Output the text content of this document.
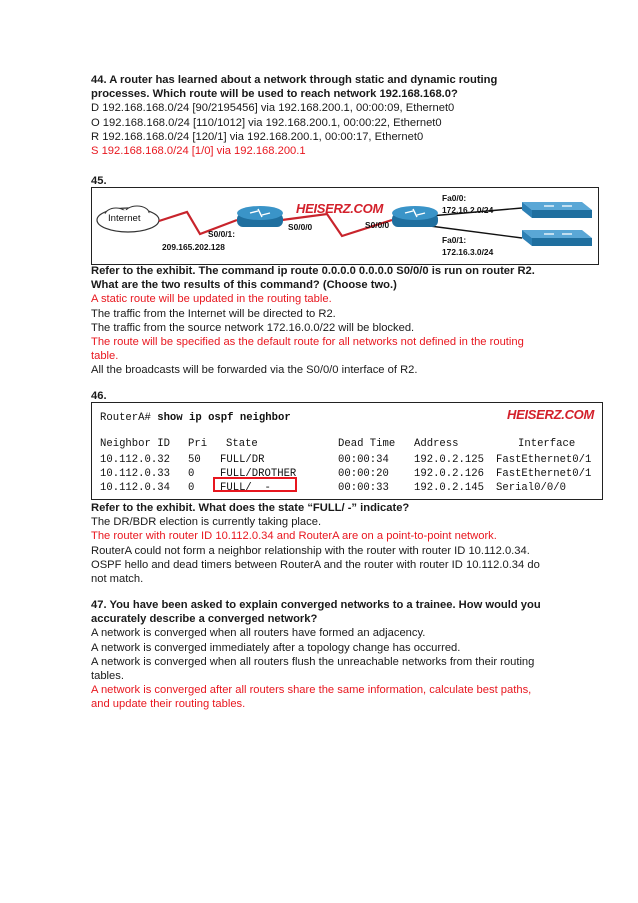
44. A router has learned about a network through static and dynamic routing

processes. Which route will be used to reach network 192.168.168.0?

D 192.168.168.0/24 [90/2195456] via 192.168.200.1, 00:00:09, Ethernet0

O 192.168.168.0/24 [110/1012] via 192.168.200.1, 00:00:22, Ethernet0

R 192.168.168.0/24 [120/1] via 192.168.200.1, 00:00:17, Ethernet0

S 192.168.168.0/24 [1/0] via 192.168.200.1

45.
Internet
HEISERZ.COM
R1	R2
S0/0/1:
209.165.202.128
S0/0/0	S0/0/0
Fa0/0:
172.16.2.0/24
Fa0/1:
172.16.3.0/24

Refer to the exhibit. The command ip route 0.0.0.0 0.0.0.0 S0/0/0 is run on router R2.

What are the two results of this command? (Choose two.)

A static route will be updated in the routing table.

The traffic from the Internet will be directed to R2.

The traffic from the source network 172.16.0.0/22 will be blocked.

The route will be specified as the default route for all networks not defined in the routing

table.

All the broadcasts will be forwarded via the S0/0/0 interface of R2.

46.
RouterA# show ip ospf neighbor	HEISERZ.COM
Neighbor ID Pri State	Dead Time Address	Interface
10.112.0.32 50 FULL/DR	00:00:34 192.0.2.125 FastEthernet0/1
10.112.0.33 0 FULL/DROTHER	00:00:20 192.0.2.126 FastEthernet0/1
10.112.0.34 0 FULL/  -	00:00:33 192.0.2.145 Serial0/0/0

Refer to the exhibit. What does the state “FULL/ -” indicate?

The DR/BDR election is currently taking place.

The router with router ID 10.112.0.34 and RouterA are on a point-to-point network.

RouterA could not form a neighbor relationship with the router with router ID 10.112.0.34.

OSPF hello and dead timers between RouterA and the router with router ID 10.112.0.34 do

not match.

47. You have been asked to explain converged networks to a trainee. How would you

accurately describe a converged network?

A network is converged when all routers have formed an adjacency.

A network is converged immediately after a topology change has occurred.

A network is converged when all routers flush the unreachable networks from their routing

tables.

A network is converged after all routers share the same information, calculate best paths,

and update their routing tables.
